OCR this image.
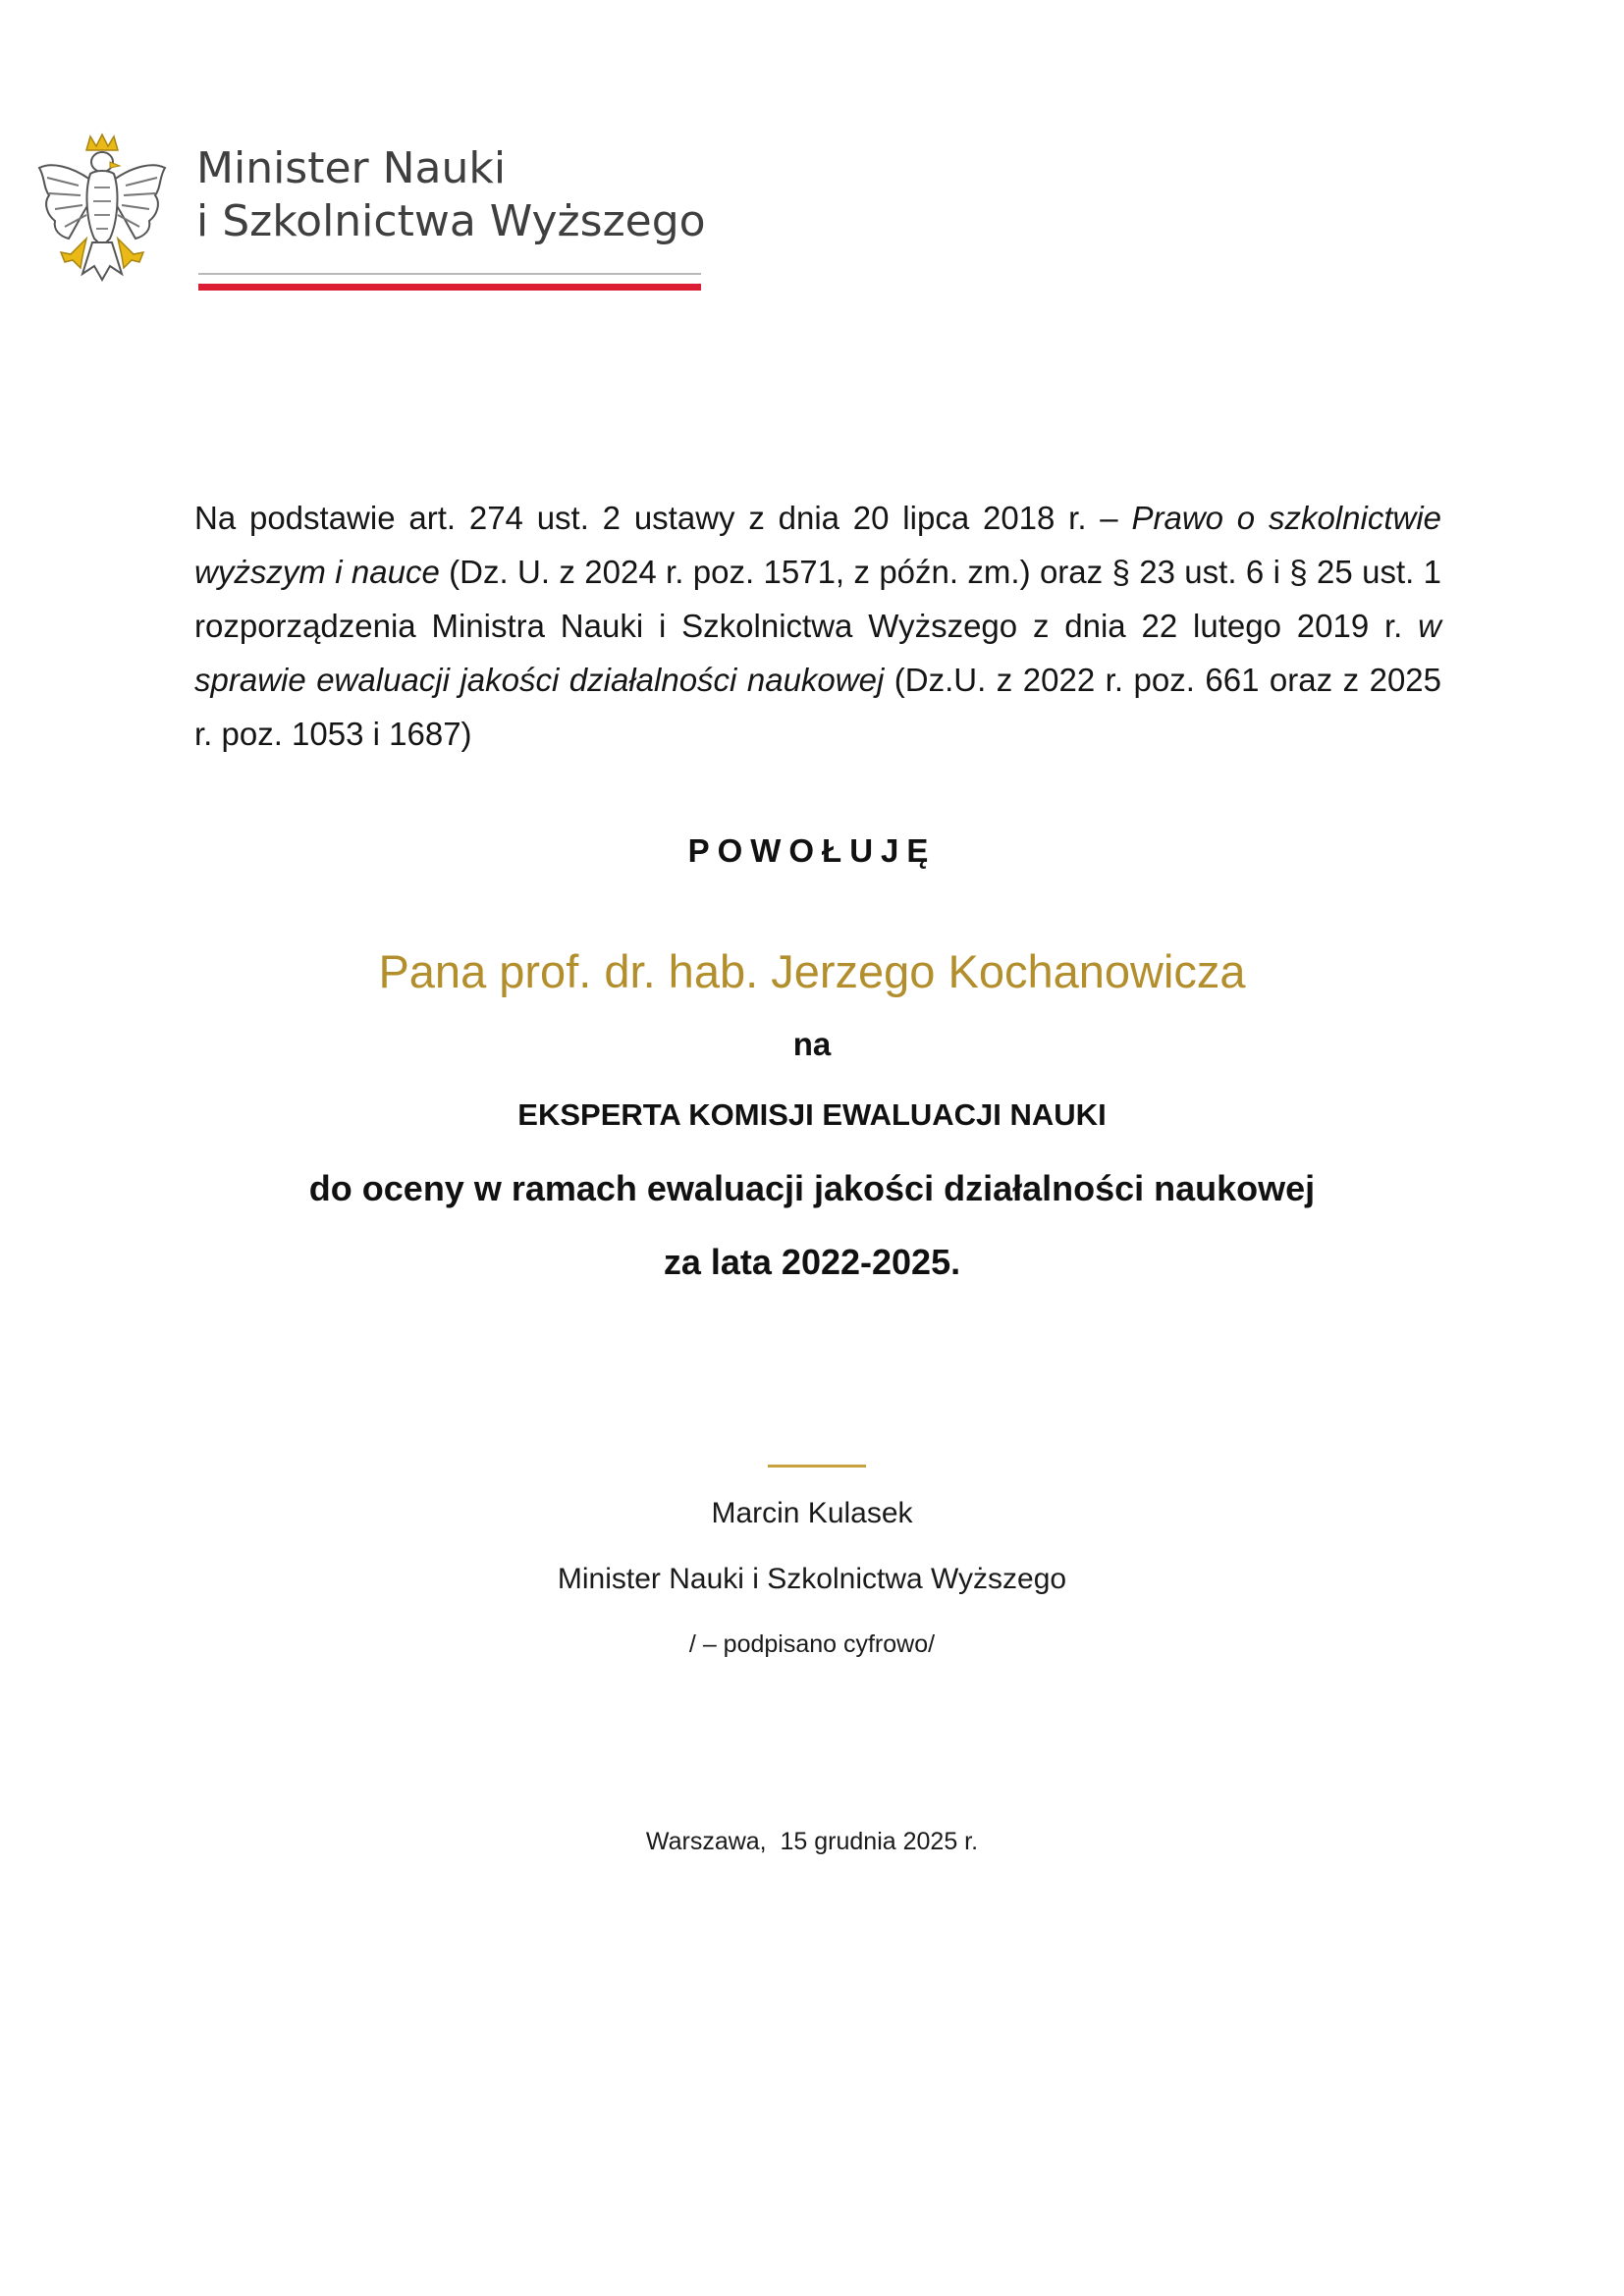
Minister Nauki
i Szkolnictwa Wyższego

Na podstawie art. 274 ust. 2 ustawy z dnia 20 lipca 2018 r. – Prawo o szkolnictwie wyższym i nauce (Dz. U. z 2024 r. poz. 1571, z późn. zm.) oraz § 23 ust. 6 i § 25 ust. 1 rozporządzenia Ministra Nauki i Szkolnictwa Wyższego z dnia 22 lutego 2019 r. w sprawie ewaluacji jakości działalności naukowej (Dz.U. z 2022 r. poz. 661 oraz z 2025 r. poz. 1053 i 1687)

POWOŁUJĘ
Pana prof. dr. hab. Jerzego Kochanowicza
na
EKSPERTA KOMISJI EWALUACJI NAUKI
do oceny w ramach ewaluacji jakości działalności naukowej
za lata 2022-2025.
Marcin Kulasek
Minister Nauki i Szkolnictwa Wyższego
/ – podpisano cyfrowo/
Warszawa,  15 grudnia 2025 r.
